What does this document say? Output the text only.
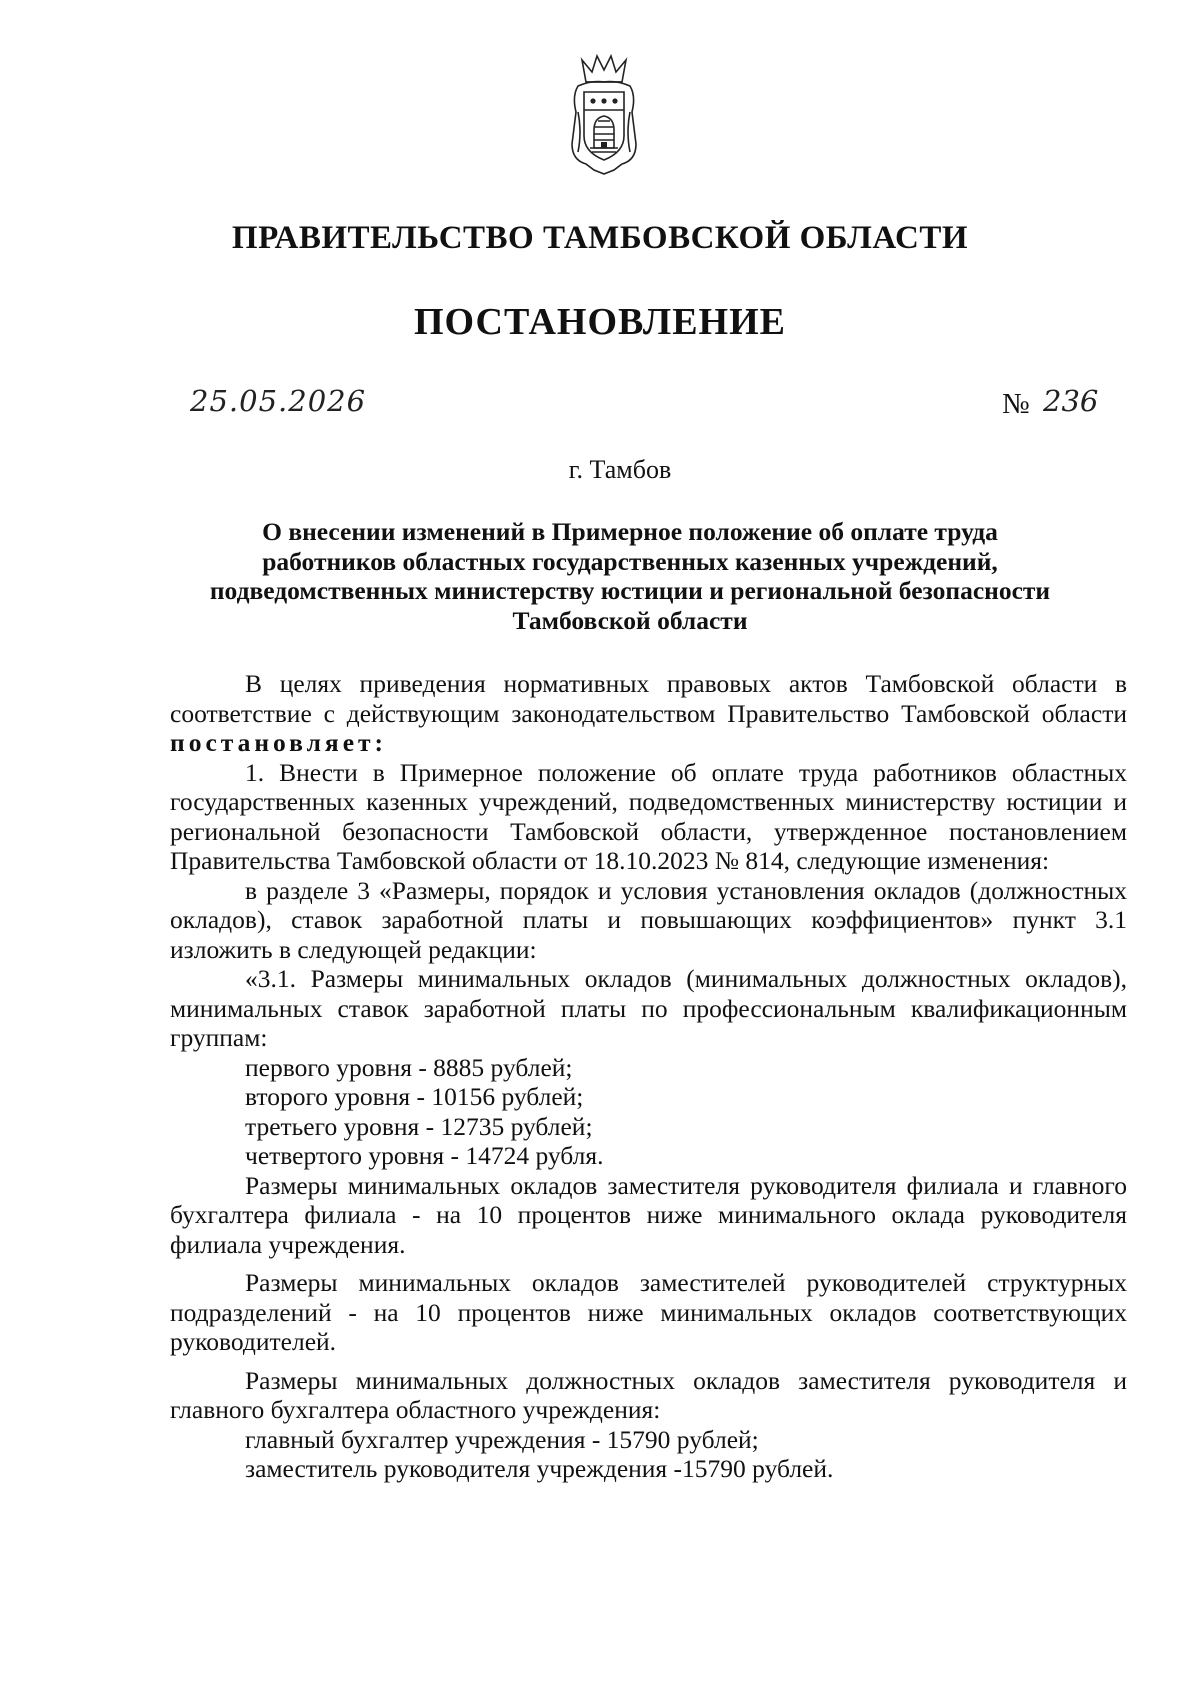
ПРАВИТЕЛЬСТВО ТАМБОВСКОЙ ОБЛАСТИ
ПОСТАНОВЛЕНИЕ
25.05.2026	№ 236
г. Тамбов
О внесении изменений в Примерное положение об оплате труда
работников областных государственных казенных учреждений,
подведомственных министерству юстиции и региональной безопасности
Тамбовской области

В целях приведения нормативных правовых актов Тамбовской области в соответствие с действующим законодательством Правительство Тамбовской области постановляет:

1. Внести в Примерное положение об оплате труда работников областных государственных казенных учреждений, подведомственных министерству юстиции и региональной безопасности Тамбовской области, утвержденное постановлением Правительства Тамбовской области от 18.10.2023 № 814, следующие изменения:

в разделе 3 «Размеры, порядок и условия установления окладов (должностных окладов), ставок заработной платы и повышающих коэффициентов» пункт 3.1 изложить в следующей редакции:

«3.1. Размеры минимальных окладов (минимальных должностных окладов), минимальных ставок заработной платы по профессиональным квалификационным группам:

первого уровня - 8885 рублей;

второго уровня - 10156 рублей;

третьего уровня - 12735 рублей;

четвертого уровня - 14724 рубля.

Размеры минимальных окладов заместителя руководителя филиала и главного бухгалтера филиала - на 10 процентов ниже минимального оклада руководителя филиала учреждения.

Размеры минимальных окладов заместителей руководителей структурных подразделений - на 10 процентов ниже минимальных окладов соответствующих руководителей.

Размеры минимальных должностных окладов заместителя руководителя и главного бухгалтера областного учреждения:

главный бухгалтер учреждения - 15790 рублей;

заместитель руководителя учреждения -15790 рублей.
